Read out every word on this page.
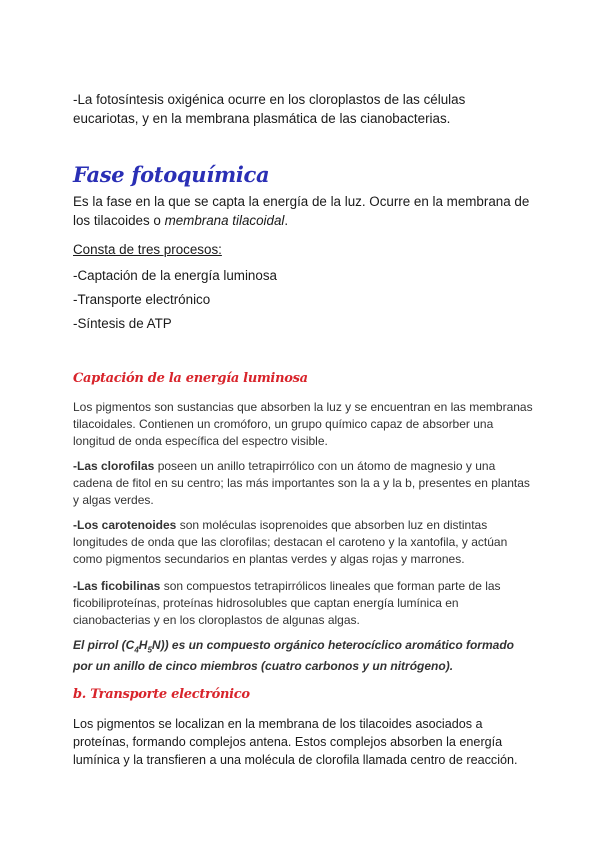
-La fotosíntesis oxigénica ocurre en los cloroplastos de las células eucariotas, y en la membrana plasmática de las cianobacterias.

Fase fotoquímica

Es la fase en la que se capta la energía de la luz. Ocurre en la membrana de los tilacoides o membrana tilacoidal.

Consta de tres procesos:
-Captación de la energía luminosa
-Transporte electrónico
-Síntesis de ATP
Captación de la energía luminosa

Los pigmentos son sustancias que absorben la luz y se encuentran en las membranas tilacoidales. Contienen un cromóforo, un grupo químico capaz de absorber una longitud de onda específica del espectro visible.

-Las clorofilas poseen un anillo tetrapirrólico con un átomo de magnesio y una cadena de fitol en su centro; las más importantes son la a y la b, presentes en plantas y algas verdes.

-Los carotenoides son moléculas isoprenoides que absorben luz en distintas longitudes de onda que las clorofilas; destacan el caroteno y la xantofila, y actúan como pigmentos secundarios en plantas verdes y algas rojas y marrones.

-Las ficobilinas son compuestos tetrapirrólicos lineales que forman parte de las ficobiliproteínas, proteínas hidrosolubles que captan energía lumínica en cianobacterias y en los cloroplastos de algunas algas.

El pirrol $(C_4H_5N)$) es un compuesto orgánico heterocíclico aromático formado por un anillo de cinco miembros (cuatro carbonos y un nitrógeno).

b. Transporte electrónico

Los pigmentos se localizan en la membrana de los tilacoides asociados a proteínas, formando complejos antena. Estos complejos absorben la energía lumínica y la transfieren a una molécula de clorofila llamada centro de reacción.
